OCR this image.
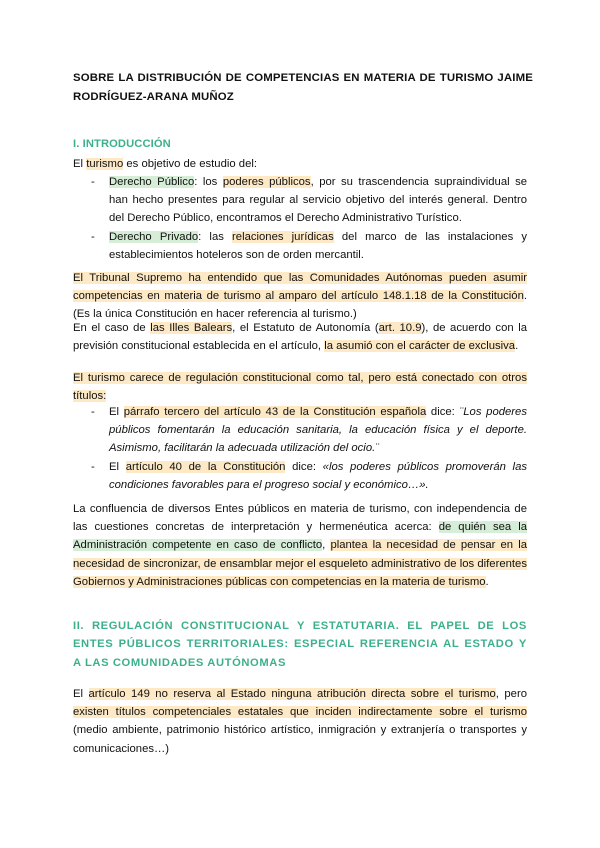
SOBRE LA DISTRIBUCIÓN DE COMPETENCIAS EN MATERIA DE TURISMO JAIME RODRÍGUEZ-ARANA MUÑOZ
I. INTRODUCCIÓN
El turismo es objetivo de estudio del:
- Derecho Público: los poderes públicos, por su trascendencia supraindividual se han hecho presentes para regular al servicio objetivo del interés general. Dentro del Derecho Público, encontramos el Derecho Administrativo Turístico.
- Derecho Privado: las relaciones jurídicas del marco de las instalaciones y establecimientos hoteleros son de orden mercantil.
El Tribunal Supremo ha entendido que las Comunidades Autónomas pueden asumir competencias en materia de turismo al amparo del artículo 148.1.18 de la Constitución. (Es la única Constitución en hacer referencia al turismo.)
En el caso de las Illes Balears, el Estatuto de Autonomía (art. 10.9), de acuerdo con la previsión constitucional establecida en el artículo, la asumió con el carácter de exclusiva.
El turismo carece de regulación constitucional como tal, pero está conectado con otros títulos:
- El párrafo tercero del artículo 43 de la Constitución española dice: ¨Los poderes públicos fomentarán la educación sanitaria, la educación física y el deporte. Asimismo, facilitarán la adecuada utilización del ocio.¨
- El artículo 40 de la Constitución dice: «los poderes públicos promoverán las condiciones favorables para el progreso social y económico…».
La confluencia de diversos Entes públicos en materia de turismo, con independencia de las cuestiones concretas de interpretación y hermenéutica acerca: de quién sea la Administración competente en caso de conflicto, plantea la necesidad de pensar en la necesidad de sincronizar, de ensamblar mejor el esqueleto administrativo de los diferentes Gobiernos y Administraciones públicas con competencias en la materia de turismo.
II. REGULACIÓN CONSTITUCIONAL Y ESTATUTARIA. EL PAPEL DE LOS ENTES PÚBLICOS TERRITORIALES: ESPECIAL REFERENCIA AL ESTADO Y A LAS COMUNIDADES AUTÓNOMAS
El artículo 149 no reserva al Estado ninguna atribución directa sobre el turismo, pero existen títulos competenciales estatales que inciden indirectamente sobre el turismo (medio ambiente, patrimonio histórico artístico, inmigración y extranjería o transportes y comunicaciones…)
